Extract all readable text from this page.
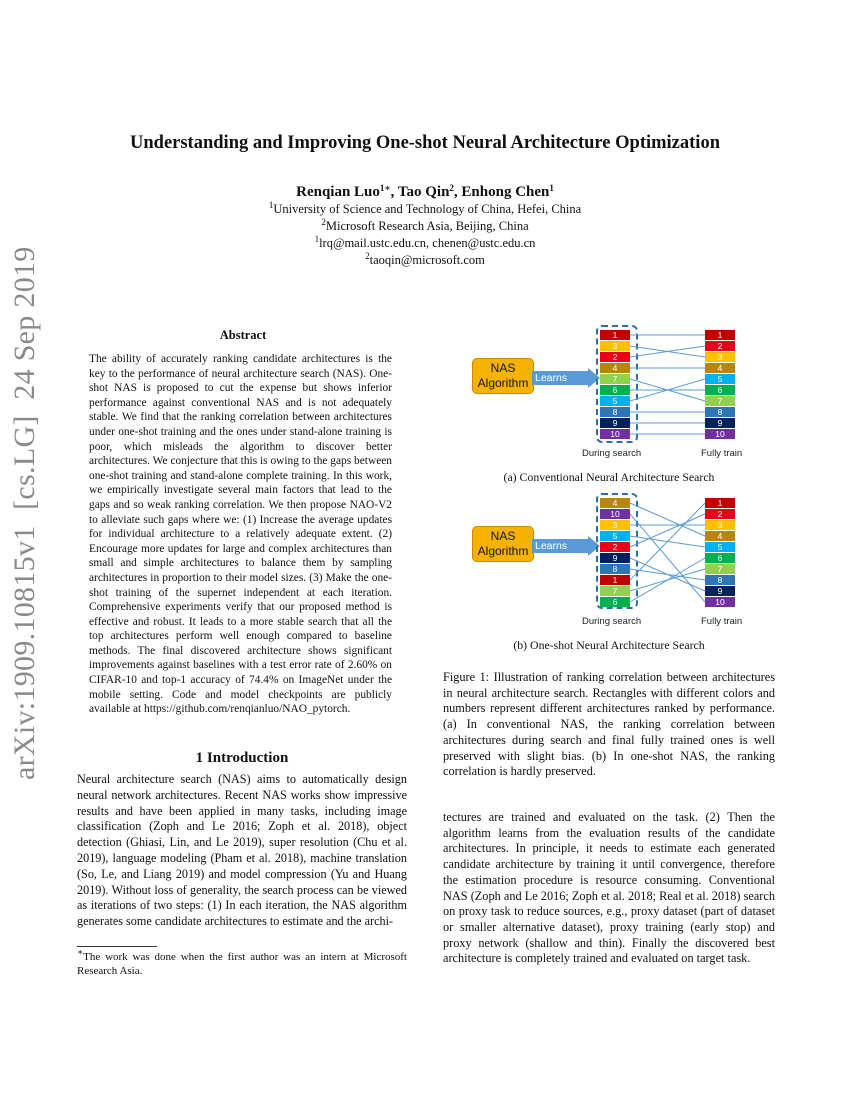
arXiv:1909.10815v1  [cs.LG]  24 Sep 2019
Understanding and Improving One-shot Neural Architecture Optimization
Renqian Luo$^{1∗}$, Tao Qin$^2$, Enhong Chen$^1$
$^1$University of Science and Technology of China, Hefei, China
$^2$Microsoft Research Asia, Beijing, China
$^1$lrq@mail.ustc.edu.cn, chenen@ustc.edu.cn
$^2$taoqin@microsoft.com
Abstract
The ability of accurately ranking candidate architectures is the key to the performance of neural architecture search (NAS). One-shot NAS is proposed to cut the expense but shows inferior performance against conventional NAS and is not adequately stable. We find that the ranking correlation between architectures under one-shot training and the ones under stand-alone training is poor, which misleads the algorithm to discover better architectures. We conjecture that this is owing to the gaps between one-shot training and stand-alone complete training. In this work, we empirically investigate several main factors that lead to the gaps and so weak ranking correlation. We then propose NAO-V2 to alleviate such gaps where we: (1) Increase the average updates for individual architecture to a relatively adequate extent. (2) Encourage more updates for large and complex architectures than small and simple architectures to balance them by sampling architectures in proportion to their model sizes. (3) Make the one-shot training of the supernet independent at each iteration. Comprehensive experiments verify that our proposed method is effective and robust. It leads to a more stable search that all the top architectures perform well enough compared to baseline methods. The final discovered architecture shows significant improvements against baselines with a test error rate of 2.60% on CIFAR-10 and top-1 accuracy of 74.4% on ImageNet under the mobile setting. Code and model checkpoints are publicly available at https://github.com/renqianluo/NAO_pytorch.
1 Introduction
Neural architecture search (NAS) aims to automatically design neural network architectures. Recent NAS works show impressive results and have been applied in many tasks, including image classification (Zoph and Le 2016; Zoph et al. 2018), object detection (Ghiasi, Lin, and Le 2019), super resolution (Chu et al. 2019), language modeling (Pham et al. 2018), machine translation (So, Le, and Liang 2019) and model compression (Yu and Huang 2019). Without loss of generality, the search process can be viewed as iterations of two steps: (1) In each iteration, the NAS algorithm generates some candidate architectures to estimate and the archi-
∗The work was done when the first author was an intern at Microsoft Research Asia.
NAS Algorithm Learns from
1
3
2
4
7
6
5
8
9
10
1
2
3
4
5
6
7
8
9
10
During search	Fully train
(a) Conventional Neural Architecture Search
NAS Algorithm Learns from
4
10
3
5
2
9
8
1
7
6
1
2
3
4
5
6
7
8
9
10
During search	Fully train
(b) One-shot Neural Architecture Search
Figure 1: Illustration of ranking correlation between architectures in neural architecture search. Rectangles with different colors and numbers represent different architectures ranked by performance. (a) In conventional NAS, the ranking correlation between architectures during search and final fully trained ones is well preserved with slight bias. (b) In one-shot NAS, the ranking correlation is hardly preserved.
tectures are trained and evaluated on the task. (2) Then the algorithm learns from the evaluation results of the candidate architectures. In principle, it needs to estimate each generated candidate architecture by training it until convergence, therefore the estimation procedure is resource consuming. Conventional NAS (Zoph and Le 2016; Zoph et al. 2018; Real et al. 2018) search on proxy task to reduce sources, e.g., proxy dataset (part of dataset or smaller alternative dataset), proxy training (early stop) and proxy network (shallow and thin). Finally the discovered best architecture is completely trained and evaluated on target task.
